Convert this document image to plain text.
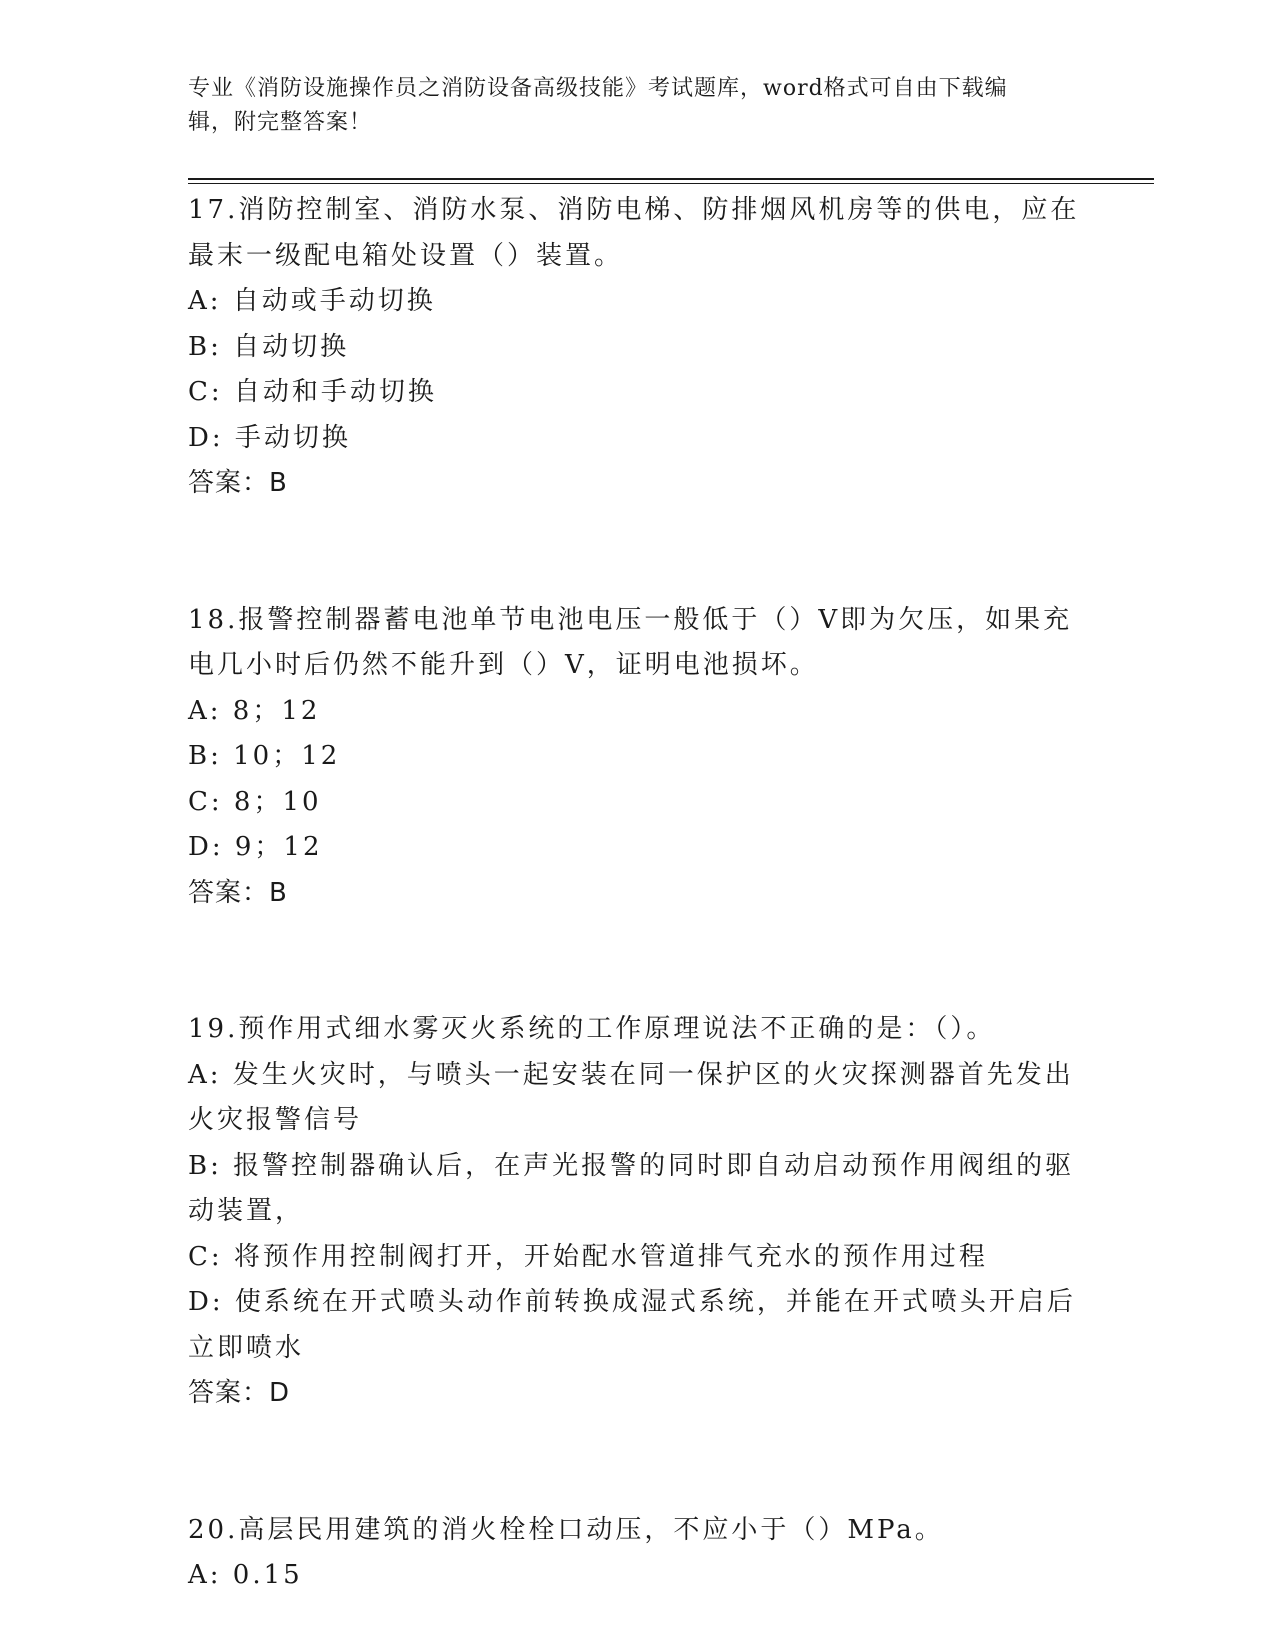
专业《消防设施操作员之消防设备高级技能》考试题库，word格式可自由下载编
辑，附完整答案！

17.消防控制室、消防水泵、消防电梯、防排烟风机房等的供电，应在

最末一级配电箱处设置（）装置。

A: 自动或手动切换

B: 自动切换

C: 自动和手动切换

D: 手动切换

答案：B

18.报警控制器蓄电池单节电池电压一般低于（）V即为欠压，如果充

电几小时后仍然不能升到（）V，证明电池损坏。

A: 8；12

B: 10；12

C: 8；10

D: 9；12

答案：B

19.预作用式细水雾灭火系统的工作原理说法不正确的是：（）。

A: 发生火灾时，与喷头一起安装在同一保护区的火灾探测器首先发出

火灾报警信号

B: 报警控制器确认后，在声光报警的同时即自动启动预作用阀组的驱

动装置，

C: 将预作用控制阀打开，开始配水管道排气充水的预作用过程

D: 使系统在开式喷头动作前转换成湿式系统，并能在开式喷头开启后

立即喷水

答案：D

20.高层民用建筑的消火栓栓口动压，不应小于（）MPa。

A: 0.15
